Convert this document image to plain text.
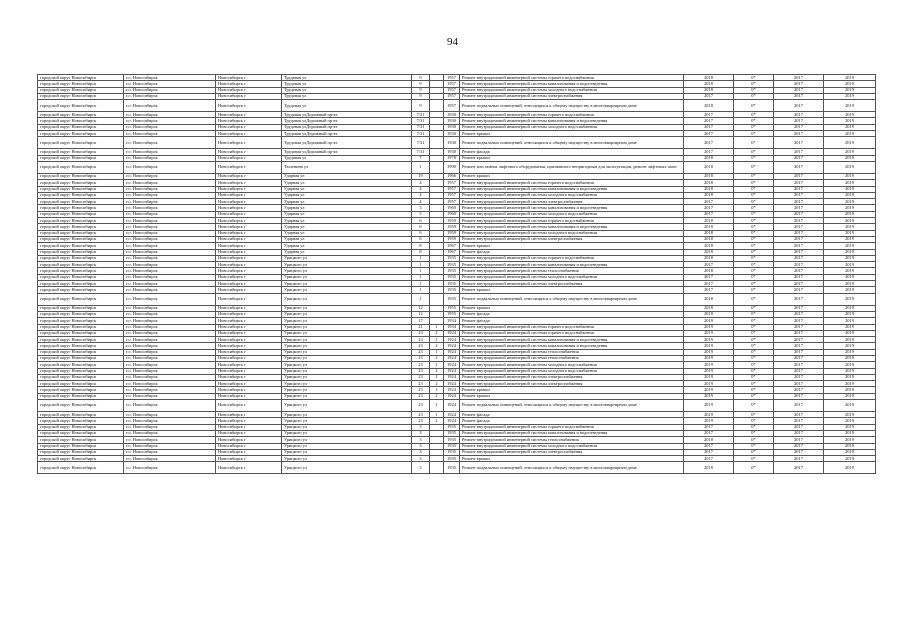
94
городской округ Новосибирск	г.о. Новосибирск	Новосибирск г	Трудовая ул	9		1957	Ремонт внутридомовой инженерной системы горячего водоснабжения	2018	0*	2017	2019
городской округ Новосибирск	г.о. Новосибирск	Новосибирск г	Трудовая ул	9		1957	Ремонт внутридомовой инженерной системы канализования и водоотведения	2018	0*	2017	2019
городской округ Новосибирск	г.о. Новосибирск	Новосибирск г	Трудовая ул	9		1957	Ремонт внутридомовой инженерной системы холодного водоснабжения	2018	0*	2017	2019
городской округ Новосибирск	г.о. Новосибирск	Новосибирск г	Трудовая ул	9		1957	Ремонт внутридомовой инженерной системы электроснабжения	2017	0*	2017	2019
городской округ Новосибирск	г.о. Новосибирск	Новосибирск г	Трудовая ул	9		1957	Ремонт подвальных помещений, относящихся к общему имуществу в многоквартирном доме	2018	0*	2017	2019
городской округ Новосибирск	г.о. Новосибирск	Новосибирск г	Трудовая улДорожный пр-кт	7/31		1930	Ремонт внутридомовой инженерной системы горячего водоснабжения	2017	0*	2017	2019
городской округ Новосибирск	г.о. Новосибирск	Новосибирск г	Трудовая улДорожный пр-кт	7/31		1930	Ремонт внутридомовой инженерной системы канализования и водоотведения	2017	0*	2017	2019
городской округ Новосибирск	г.о. Новосибирск	Новосибирск г	Трудовая улДорожный пр-кт	7/31		1930	Ремонт внутридомовой инженерной системы холодного водоснабжения	2017	0*	2017	2019
городской округ Новосибирск	г.о. Новосибирск	Новосибирск г	Трудовая улДорожный пр-кт	7/31		1930	Ремонт крыши	2017	0*	2017	2019
городской округ Новосибирск	г.о. Новосибирск	Новосибирск г	Трудовая улДорожный пр-кт	7/31		1930	Ремонт подвальных помещений, относящихся к общему имуществу в многоквартирном доме	2017	0*	2017	2019
городской округ Новосибирск	г.о. Новосибирск	Новосибирск г	Трудовая улДорожный пр-кт	7/31		1930	Ремонт фасада	2017	0*	2017	2019
городской округ Новосибирск	г.о. Новосибирск	Новосибирск г	Трудовая ул	7		1978	Ремонт крыши	2018	0*	2017	2019
городской округ Новосибирск	г.о. Новосибирск	Новосибирск г	Тюленина ул	1		1990	Ремонт или замена лифтового оборудования, признанного непригодным для эксплуатации, ремонт лифтовых шахт	2018	0*	2017	2019
городской округ Новосибирск	г.о. Новосибирск	Новосибирск г	Ударная ул	19		1966	Ремонт крыши	2018	0*	2017	2019
городской округ Новосибирск	г.о. Новосибирск	Новосибирск г	Ударная ул	4		1957	Ремонт внутридомовой инженерной системы горячего водоснабжения	2018	0*	2017	2019
городской округ Новосибирск	г.о. Новосибирск	Новосибирск г	Ударная ул	4		1957	Ремонт внутридомовой инженерной системы канализования и водоотведения	2018	0*	2017	2019
городской округ Новосибирск	г.о. Новосибирск	Новосибирск г	Ударная ул	4		1957	Ремонт внутридомовой инженерной системы холодного водоснабжения	2018	0*	2017	2019
городской округ Новосибирск	г.о. Новосибирск	Новосибирск г	Ударная ул	4		1957	Ремонт внутридомовой инженерной системы электроснабжения	2017	0*	2017	2019
городской округ Новосибирск	г.о. Новосибирск	Новосибирск г	Ударная ул	5		1960	Ремонт внутридомовой инженерной системы канализования и водоотведения	2017	0*	2017	2019
городской округ Новосибирск	г.о. Новосибирск	Новосибирск г	Ударная ул	5		1960	Ремонт внутридомовой инженерной системы холодного водоснабжения	2017	0*	2017	2019
городской округ Новосибирск	г.о. Новосибирск	Новосибирск г	Ударная ул	6		1959	Ремонт внутридомовой инженерной системы горячего водоснабжения	2018	0*	2017	2019
городской округ Новосибирск	г.о. Новосибирск	Новосибирск г	Ударная ул	6		1959	Ремонт внутридомовой инженерной системы канализования и водоотведения	2018	0*	2017	2019
городской округ Новосибирск	г.о. Новосибирск	Новосибирск г	Ударная ул	6		1959	Ремонт внутридомовой инженерной системы холодного водоснабжения	2018	0*	2017	2019
городской округ Новосибирск	г.о. Новосибирск	Новосибирск г	Ударная ул	6		1959	Ремонт внутридомовой инженерной системы электроснабжения	2018	0*	2017	2019
городской округ Новосибирск	г.о. Новосибирск	Новосибирск г	Ударная ул	8		1967	Ремонт крыши	2018	0*	2017	2019
городской округ Новосибирск	г.о. Новосибирск	Новосибирск г	Ударная ул	8		1967	Ремонт фасада	2018	0*	2017	2019
городской округ Новосибирск	г.о. Новосибирск	Новосибирск г	Урицкого ул	1		1935	Ремонт внутридомовой инженерной системы горячего водоснабжения	2018	0*	2017	2019
городской округ Новосибирск	г.о. Новосибирск	Новосибирск г	Урицкого ул	1		1935	Ремонт внутридомовой инженерной системы канализования и водоотведения	2017	0*	2017	2019
городской округ Новосибирск	г.о. Новосибирск	Новосибирск г	Урицкого ул	1		1935	Ремонт внутридомовой инженерной системы теплоснабжения	2018	0*	2017	2019
городской округ Новосибирск	г.о. Новосибирск	Новосибирск г	Урицкого ул	1		1935	Ремонт внутридомовой инженерной системы холодного водоснабжения	2017	0*	2017	2019
городской округ Новосибирск	г.о. Новосибирск	Новосибирск г	Урицкого ул	1		1935	Ремонт внутридомовой инженерной системы электроснабжения	2017	0*	2017	2019
городской округ Новосибирск	г.о. Новосибирск	Новосибирск г	Урицкого ул	1		1935	Ремонт крыши	2017	0*	2017	2019
городской округ Новосибирск	г.о. Новосибирск	Новосибирск г	Урицкого ул	1		1935	Ремонт подвальных помещений, относящихся к общему имуществу в многоквартирном доме	2018	0*	2017	2019
городской округ Новосибирск	г.о. Новосибирск	Новосибирск г	Урицкого ул	12		1955	Ремонт крыши	2018	0*	2017	2019
городской округ Новосибирск	г.о. Новосибирск	Новосибирск г	Урицкого ул	12		1955	Ремонт фасада	2018	0*	2017	2019
городской округ Новосибирск	г.о. Новосибирск	Новосибирск г	Урицкого ул	17		1934	Ремонт фасада	2019	0*	2017	2019
городской округ Новосибирск	г.о. Новосибирск	Новосибирск г	Урицкого ул	21	1	1934	Ремонт внутридомовой инженерной системы горячего водоснабжения	2019	0*	2017	2019
городской округ Новосибирск	г.о. Новосибирск	Новосибирск г	Урицкого ул	23	2	1924	Ремонт внутридомовой инженерной системы горячего водоснабжения	2019	0*	2017	2019
городской округ Новосибирск	г.о. Новосибирск	Новосибирск г	Урицкого ул	23	1	1924	Ремонт внутридомовой инженерной системы канализования и водоотведения	2019	0*	2017	2019
городской округ Новосибирск	г.о. Новосибирск	Новосибирск г	Урицкого ул	23	2	1924	Ремонт внутридомовой инженерной системы канализования и водоотведения	2019	0*	2017	2019
городской округ Новосибирск	г.о. Новосибирск	Новосибирск г	Урицкого ул	23	1	1924	Ремонт внутридомовой инженерной системы теплоснабжения	2019	0*	2017	2019
городской округ Новосибирск	г.о. Новосибирск	Новосибирск г	Урицкого ул	23	2	1924	Ремонт внутридомовой инженерной системы теплоснабжения	2019	0*	2017	2019
городской округ Новосибирск	г.о. Новосибирск	Новосибирск г	Урицкого ул	23	1	1924	Ремонт внутридомовой инженерной системы холодного водоснабжения	2019	0*	2017	2019
городской округ Новосибирск	г.о. Новосибирск	Новосибирск г	Урицкого ул	23	2	1924	Ремонт внутридомовой инженерной системы холодного водоснабжения	2019	0*	2017	2019
городской округ Новосибирск	г.о. Новосибирск	Новосибирск г	Урицкого ул	23	1	1924	Ремонт внутридомовой инженерной системы электроснабжения	2019	0*	2017	2019
городской округ Новосибирск	г.о. Новосибирск	Новосибирск г	Урицкого ул	23	2	1924	Ремонт внутридомовой инженерной системы электроснабжения	2019	0*	2017	2019
городской округ Новосибирск	г.о. Новосибирск	Новосибирск г	Урицкого ул	23	1	1924	Ремонт крыши	2019	0*	2017	2019
городской округ Новосибирск	г.о. Новосибирск	Новосибирск г	Урицкого ул	23	2	1924	Ремонт крыши	2019	0*	2017	2019
городской округ Новосибирск	г.о. Новосибирск	Новосибирск г	Урицкого ул	23	1	1924	Ремонт подвальных помещений, относящихся к общему имуществу в многоквартирном доме	2019	0*	2017	2019
городской округ Новосибирск	г.о. Новосибирск	Новосибирск г	Урицкого ул	23	1	1924	Ремонт фасада	2019	0*	2017	2019
городской округ Новосибирск	г.о. Новосибирск	Новосибирск г	Урицкого ул	23	2	1924	Ремонт фасада	2019	0*	2017	2019
городской округ Новосибирск	г.о. Новосибирск	Новосибирск г	Урицкого ул	3		1935	Ремонт внутридомовой инженерной системы горячего водоснабжения	2017	0*	2017	2019
городской округ Новосибирск	г.о. Новосибирск	Новосибирск г	Урицкого ул	3		1935	Ремонт внутридомовой инженерной системы канализования и водоотведения	2017	0*	2017	2019
городской округ Новосибирск	г.о. Новосибирск	Новосибирск г	Урицкого ул	3		1935	Ремонт внутридомовой инженерной системы теплоснабжения	2018	0*	2017	2019
городской округ Новосибирск	г.о. Новосибирск	Новосибирск г	Урицкого ул	3		1935	Ремонт внутридомовой инженерной системы холодного водоснабжения	2017	0*	2017	2019
городской округ Новосибирск	г.о. Новосибирск	Новосибирск г	Урицкого ул	3		1935	Ремонт внутридомовой инженерной системы электроснабжения	2017	0*	2017	2019
городской округ Новосибирск	г.о. Новосибирск	Новосибирск г	Урицкого ул	3		1935	Ремонт крыши	2017	0*	2017	2019
городской округ Новосибирск	г.о. Новосибирск	Новосибирск г	Урицкого ул	3		1935	Ремонт подвальных помещений, относящихся к общему имуществу в многоквартирном доме	2018	0*	2017	2019
